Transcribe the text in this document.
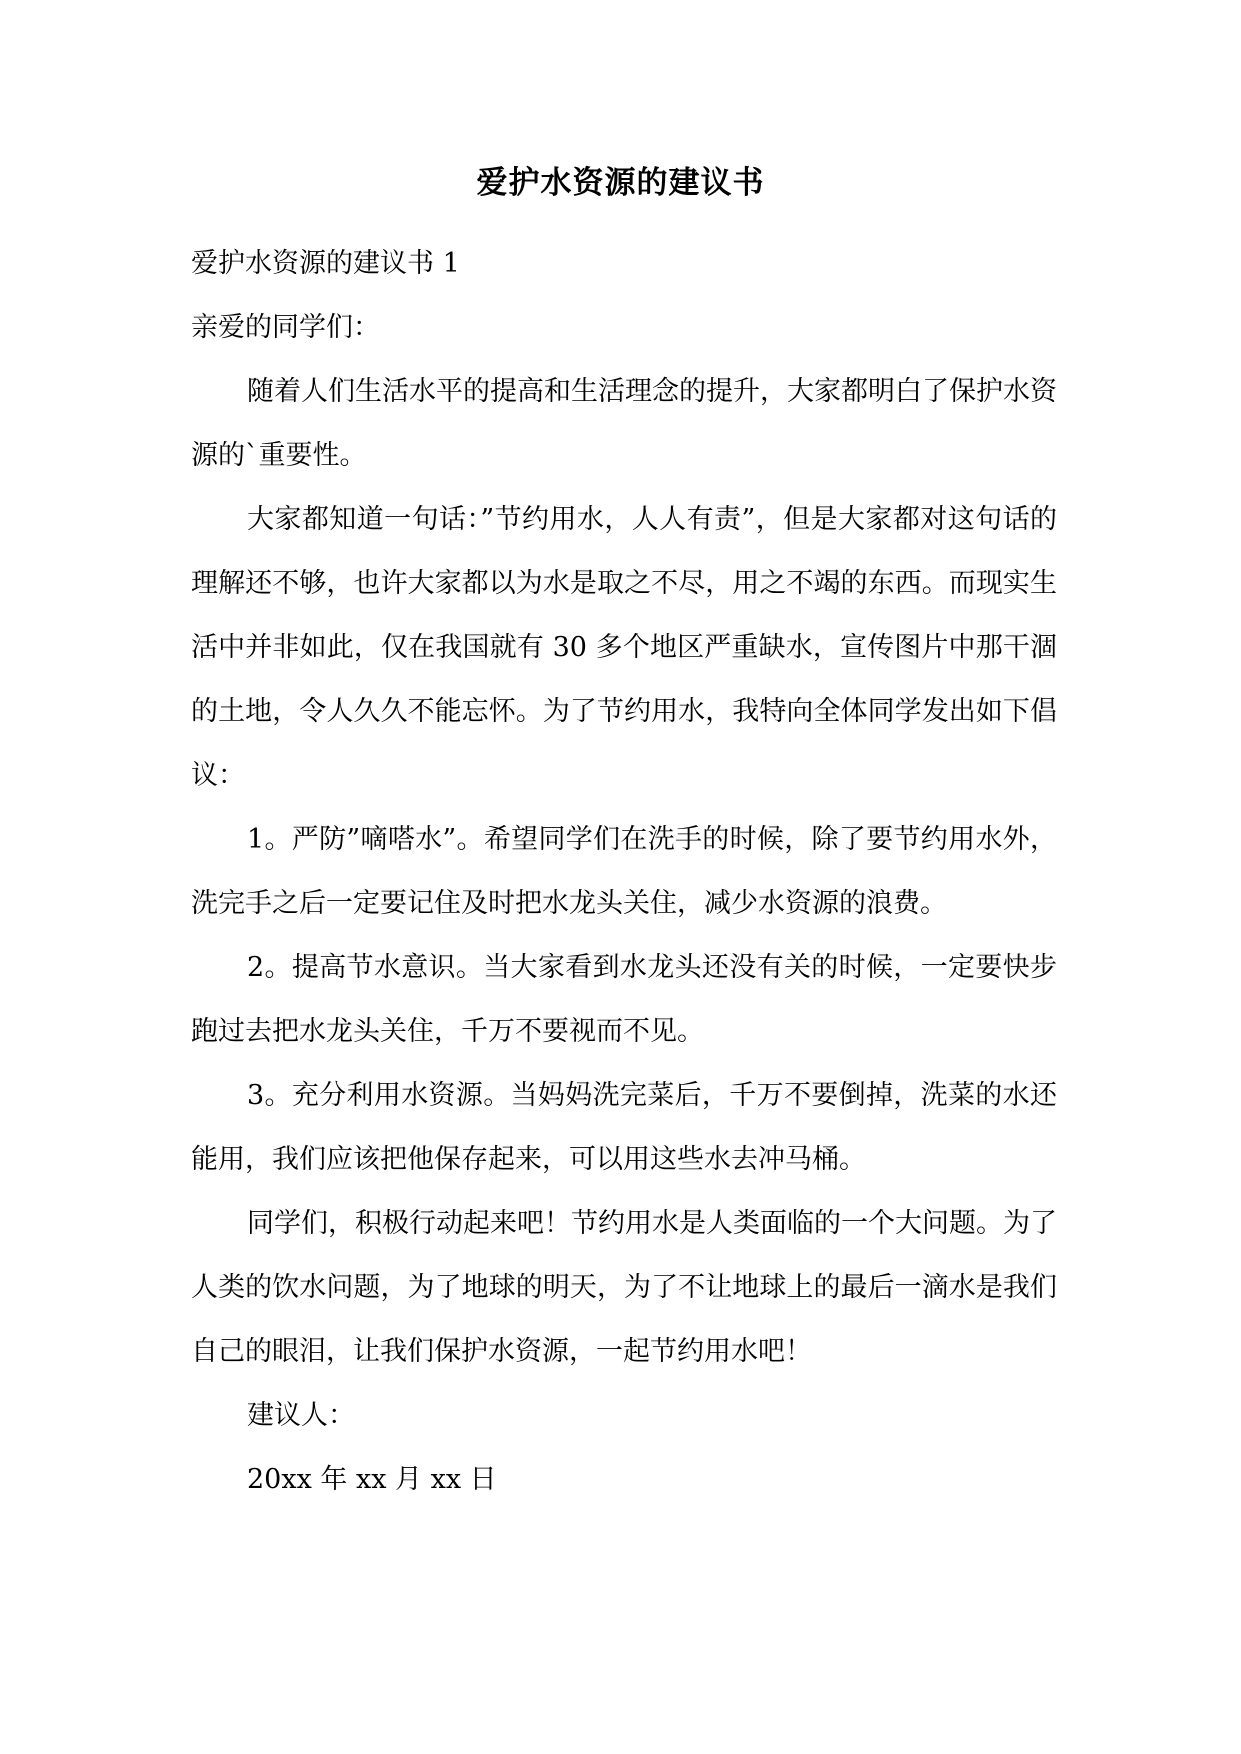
爱护水资源的建议书
爱护水资源的建议书 1
亲爱的同学们：
随着人们生活水平的提高和生活理念的提升，大家都明白了保护水资源的`重要性。
大家都知道一句话：”节约用水，人人有责”，但是大家都对这句话的理解还不够，也许大家都以为水是取之不尽，用之不竭的东西。而现实生活中并非如此，仅在我国就有 30 多个地区严重缺水，宣传图片中那干涸的土地，令人久久不能忘怀。为了节约用水，我特向全体同学发出如下倡议：
1。严防”嘀嗒水”。希望同学们在洗手的时候，除了要节约用水外，洗完手之后一定要记住及时把水龙头关住，减少水资源的浪费。
2。提高节水意识。当大家看到水龙头还没有关的时候，一定要快步跑过去把水龙头关住，千万不要视而不见。
3。充分利用水资源。当妈妈洗完菜后，千万不要倒掉，洗菜的水还能用，我们应该把他保存起来，可以用这些水去冲马桶。
同学们，积极行动起来吧！节约用水是人类面临的一个大问题。为了人类的饮水问题，为了地球的明天，为了不让地球上的最后一滴水是我们自己的眼泪，让我们保护水资源，一起节约用水吧！
建议人：
20xx 年 xx 月 xx 日
